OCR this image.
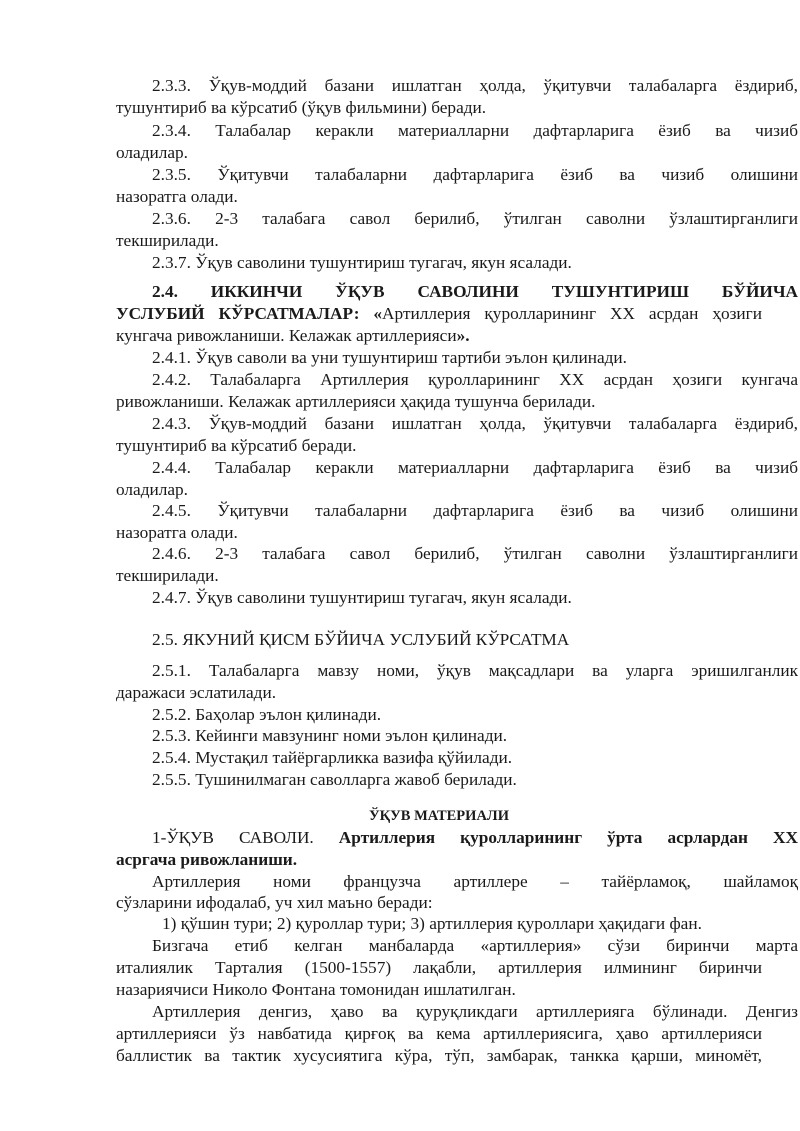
2.3.3. Ўқув-моддий базани ишлатган ҳолда, ўқитувчи талабаларга ёздириб,
тушунтириб ва кўрсатиб (ўқув фильмини) беради.
2.3.4. Талабалар керакли материалларни дафтарларига ёзиб ва чизиб
оладилар.
2.3.5. Ўқитувчи талабаларни дафтарларига ёзиб ва чизиб олишини
назоратга олади.
2.3.6. 2-3 талабага савол берилиб, ўтилган саволни ўзлаштирганлиги
текширилади.
2.3.7. Ўқув саволини тушунтириш тугагач, якун ясалади.
2.4. ИККИНЧИ ЎҚУВ САВОЛИНИ ТУШУНТИРИШ БЎЙИЧА
УСЛУБИЙ КЎРСАТМАЛАР: «Артиллерия қуролларининг ХХ асрдан ҳозиги
кунгача ривожланиши. Келажак артиллерияси».
2.4.1. Ўқув саволи ва уни тушунтириш тартиби эълон қилинади.
2.4.2. Талабаларга Артиллерия қуролларининг ХХ асрдан ҳозиги кунгача
ривожланиши. Келажак артиллерияси ҳақида тушунча берилади.
2.4.3. Ўқув-моддий базани ишлатган ҳолда, ўқитувчи талабаларга ёздириб,
тушунтириб ва кўрсатиб беради.
2.4.4. Талабалар керакли материалларни дафтарларига ёзиб ва чизиб
оладилар.
2.4.5. Ўқитувчи талабаларни дафтарларига ёзиб ва чизиб олишини
назоратга олади.
2.4.6. 2-3 талабага савол берилиб, ўтилган саволни ўзлаштирганлиги
текширилади.
2.4.7. Ўқув саволини тушунтириш тугагач, якун ясалади.
2.5. ЯКУНИЙ ҚИСМ БЎЙИЧА УСЛУБИЙ КЎРСАТМА
2.5.1. Талабаларга мавзу номи, ўқув мақсадлари ва уларга эришилганлик
даражаси эслатилади.
2.5.2. Баҳолар эълон қилинади.
2.5.3. Кейинги мавзунинг номи эълон қилинади.
2.5.4. Мустақил тайёргарликка вазифа қўйилади.
2.5.5. Тушинилмаган саволларга жавоб берилади.
ЎҚУВ МАТЕРИАЛИ
1-ЎҚУВ САВОЛИ. Артиллерия қуролларининг ўрта асрлардан ХХ
асргача ривожланиши.
Артиллерия номи французча артиллере – тайёрламоқ, шайламоқ
сўзларини ифодалаб, уч хил маъно беради:
1) қўшин тури; 2) қуроллар тури; 3) артиллерия қуроллари ҳақидаги фан.
Бизгача етиб келган манбаларда «артиллерия» сўзи биринчи марта
италиялик Тарталия (1500-1557) лақабли, артиллерия илмининг биринчи
назариячиси Николо Фонтана томонидан ишлатилган.
Артиллерия денгиз, ҳаво ва қуруқликдаги артиллерияга бўлинади. Денгиз
артиллерияси ўз навбатида қирғоқ ва кема артиллериясига, ҳаво артиллерияси
баллистик ва тактик хусусиятига кўра, тўп, замбарак, танкка қарши, миномёт,
